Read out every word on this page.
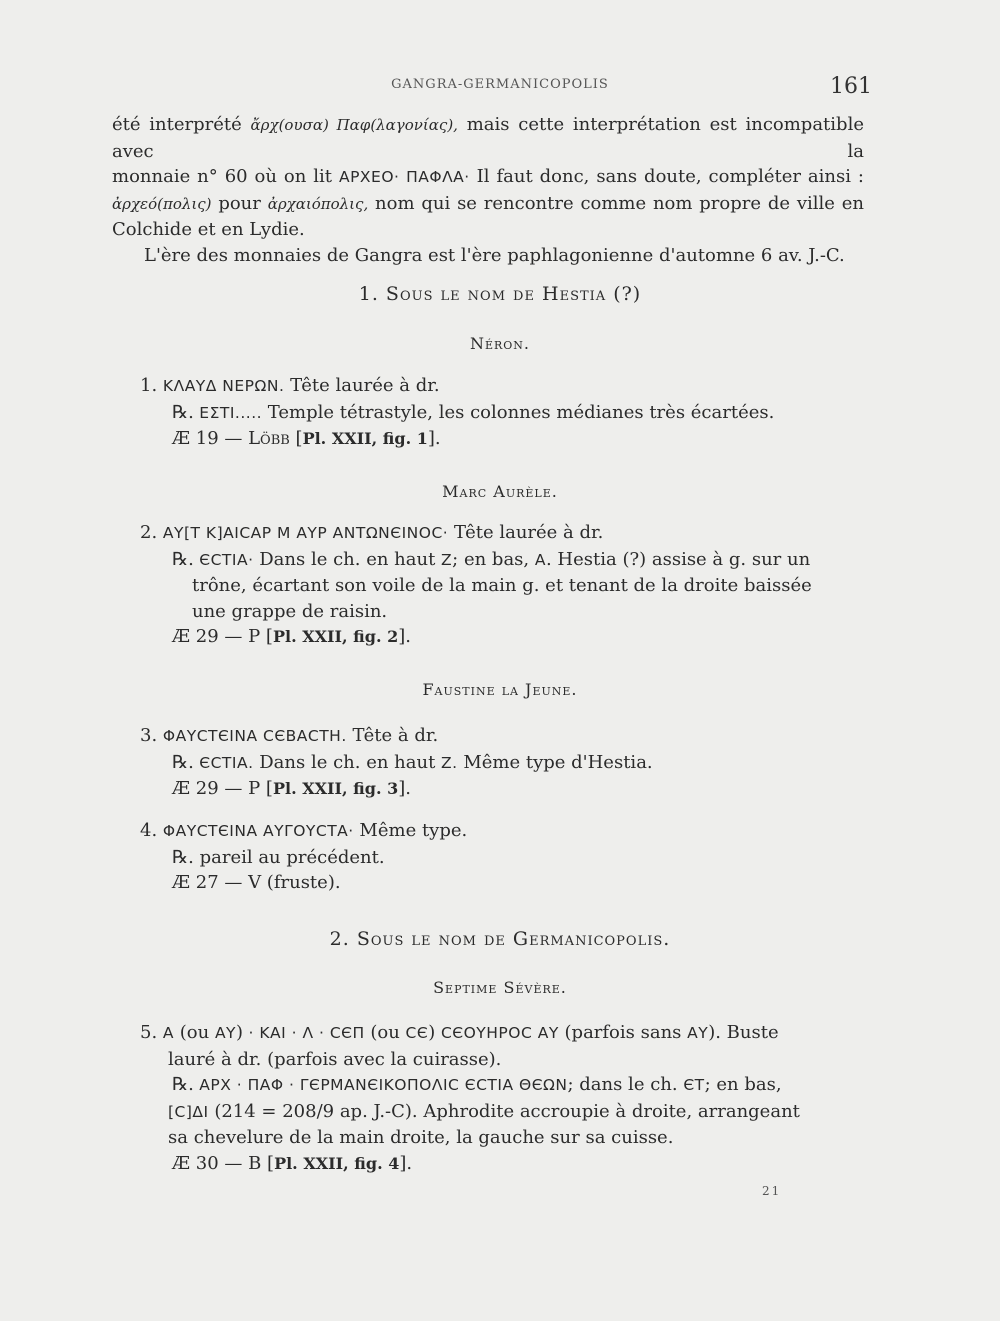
GANGRA-GERMANICOPOLIS	161
été interprété ἄρχ(ουσα) Παφ(λαγονίας), mais cette interprétation est incompatible avec la
monnaie n° 60 où on lit ΑΡΧΕΟ· ΠΑΦΛΑ· Il faut donc, sans doute, compléter ainsi :
ἀρχεό(πολις) pour ἀρχαιόπολις, nom qui se rencontre comme nom propre de ville en
Colchide et en Lydie.
L'ère des monnaies de Gangra est l'ère paphlagonienne d'automne 6 av. J.-C.
1. Sous le nom de Hestia (?)
Néron.
1. ΚΛΑΥΔ ΝΕΡΩΝ. Tête laurée à dr.
℞. ΕΣΤΙ..... Temple tétrastyle, les colonnes médianes très écartées.
Æ 19 — Löbb [Pl. XXII, fig. 1].
Marc Aurèle.
2. ΑΥ[Τ Κ]ΑΙCΑΡ Μ ΑΥΡ ΑΝΤΩΝЄΙΝΟC· Tête laurée à dr.
℞. ЄCΤΙΑ· Dans le ch. en haut Z; en bas, Α. Hestia (?) assise à g. sur un
trône, écartant son voile de la main g. et tenant de la droite baissée
une grappe de raisin.
Æ 29 — P [Pl. XXII, fig. 2].
Faustine la Jeune.
3. ΦΑΥCΤЄΙΝΑ CЄΒΑCΤΗ. Tête à dr.
℞. ЄCΤΙΑ. Dans le ch. en haut Z. Même type d'Hestia.
Æ 29 — P [Pl. XXII, fig. 3].
4. ΦΑΥCΤЄΙΝΑ ΑΥΓΟΥCΤΑ· Même type.
℞. pareil au précédent.
Æ 27 — V (fruste).
2. Sous le nom de Germanicopolis.
Septime Sévère.
5. Α (ou ΑΥ) · ΚΑΙ · Λ · CЄΠ (ou CЄ) CЄΟΥΗΡΟC ΑΥ (parfois sans ΑΥ). Buste
lauré à dr. (parfois avec la cuirasse).
℞. ΑΡΧ · ΠΑΦ · ΓЄΡΜΑΝЄΙΚΟΠΟΛΙC ЄCΤΙΑ ΘЄΩΝ; dans le ch. ЄΤ; en bas,
[C]ΔΙ (214 = 208/9 ap. J.-C). Aphrodite accroupie à droite, arrangeant
sa chevelure de la main droite, la gauche sur sa cuisse.
Æ 30 — B [Pl. XXII, fig. 4].
21
